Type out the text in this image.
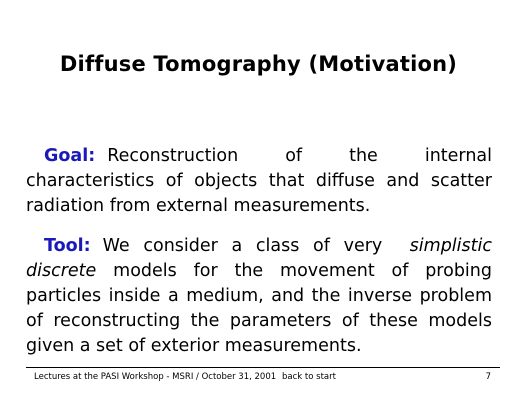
Diffuse Tomography (Motivation)
Goal: Reconstruction of the internal characteristics of objects that diffuse and scatter radiation from external measurements.
Tool: We consider a class of very simplistic discrete models for the movement of probing particles inside a medium, and the inverse problem of reconstructing the parameters of these models given a set of exterior measurements.
Lectures at the PASI Workshop - MSRI / October 31, 2001 back to start	7
